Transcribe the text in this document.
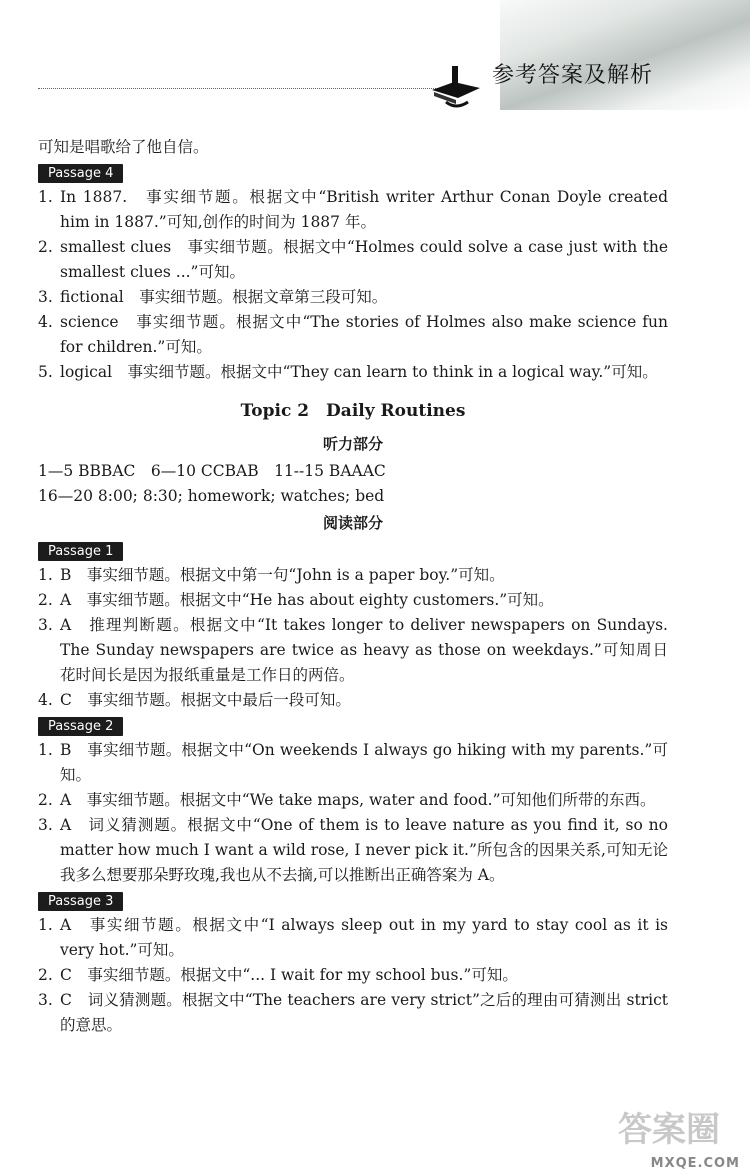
参考答案及解析
可知是唱歌给了他自信。
Passage 4
1. In 1887.　事实细节题。根据文中“British writer Arthur Conan Doyle created him in 1887.”可知,创作的时间为 1887 年。
2. smallest clues　事实细节题。根据文中“Holmes could solve a case just with the smallest clues ...”可知。
3. fictional　事实细节题。根据文章第三段可知。
4. science　事实细节题。根据文中“The stories of Holmes also make science fun for children.”可知。
5. logical　事实细节题。根据文中“They can learn to think in a logical way.”可知。
Topic 2　Daily Routines
听力部分
1—5 BBBAC　6—10 CCBAB　11--15 BAAAC
16—20 8:00; 8:30; homework; watches; bed
阅读部分
Passage 1
1. B　事实细节题。根据文中第一句“John is a paper boy.”可知。
2. A　事实细节题。根据文中“He has about eighty customers.”可知。
3. A　推理判断题。根据文中“It takes longer to deliver newspapers on Sundays. The Sunday newspapers are twice as heavy as those on weekdays.”可知周日花时间长是因为报纸重量是工作日的两倍。
4. C　事实细节题。根据文中最后一段可知。
Passage 2
1. B　事实细节题。根据文中“On weekends I always go hiking with my parents.”可知。
2. A　事实细节题。根据文中“We take maps, water and food.”可知他们所带的东西。
3. A　词义猜测题。根据文中“One of them is to leave nature as you find it, so no matter how much I want a wild rose, I never pick it.”所包含的因果关系,可知无论我多么想要那朵野玫瑰,我也从不去摘,可以推断出正确答案为 A。
Passage 3
1. A　事实细节题。根据文中“I always sleep out in my yard to stay cool as it is very hot.”可知。
2. C　事实细节题。根据文中“... I wait for my school bus.”可知。
3. C　词义猜测题。根据文中“The teachers are very strict”之后的理由可猜测出 strict 的意思。
答案圈
MXQE.COM
